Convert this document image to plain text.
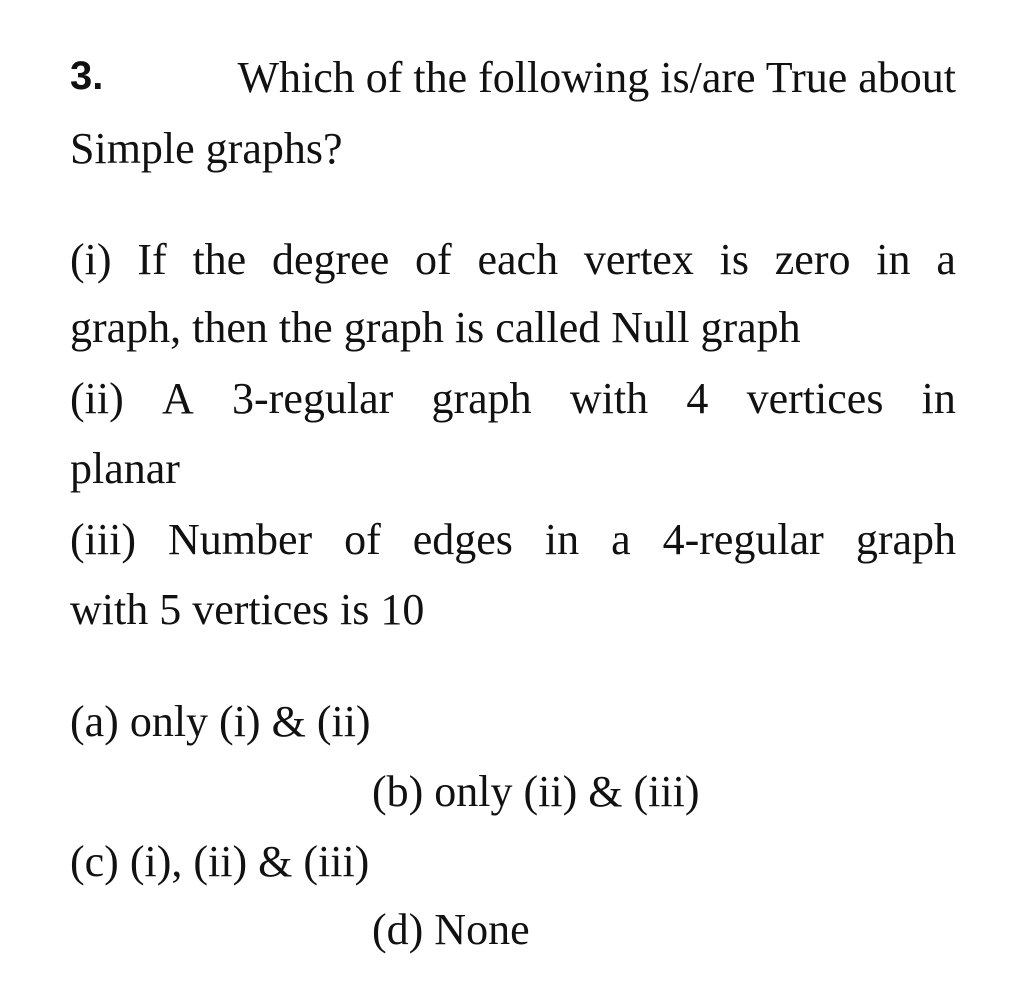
3.	Which of the following is/are True about
Simple graphs?
(i) If the degree of each vertex is zero in a
graph, then the graph is called Null graph
(ii) A 3-regular graph with 4 vertices in
planar
(iii) Number of edges in a 4-regular graph
with 5 vertices is 10
(a) only (i) & (ii)
(b) only (ii) & (iii)
(c) (i), (ii) & (iii)
(d) None
